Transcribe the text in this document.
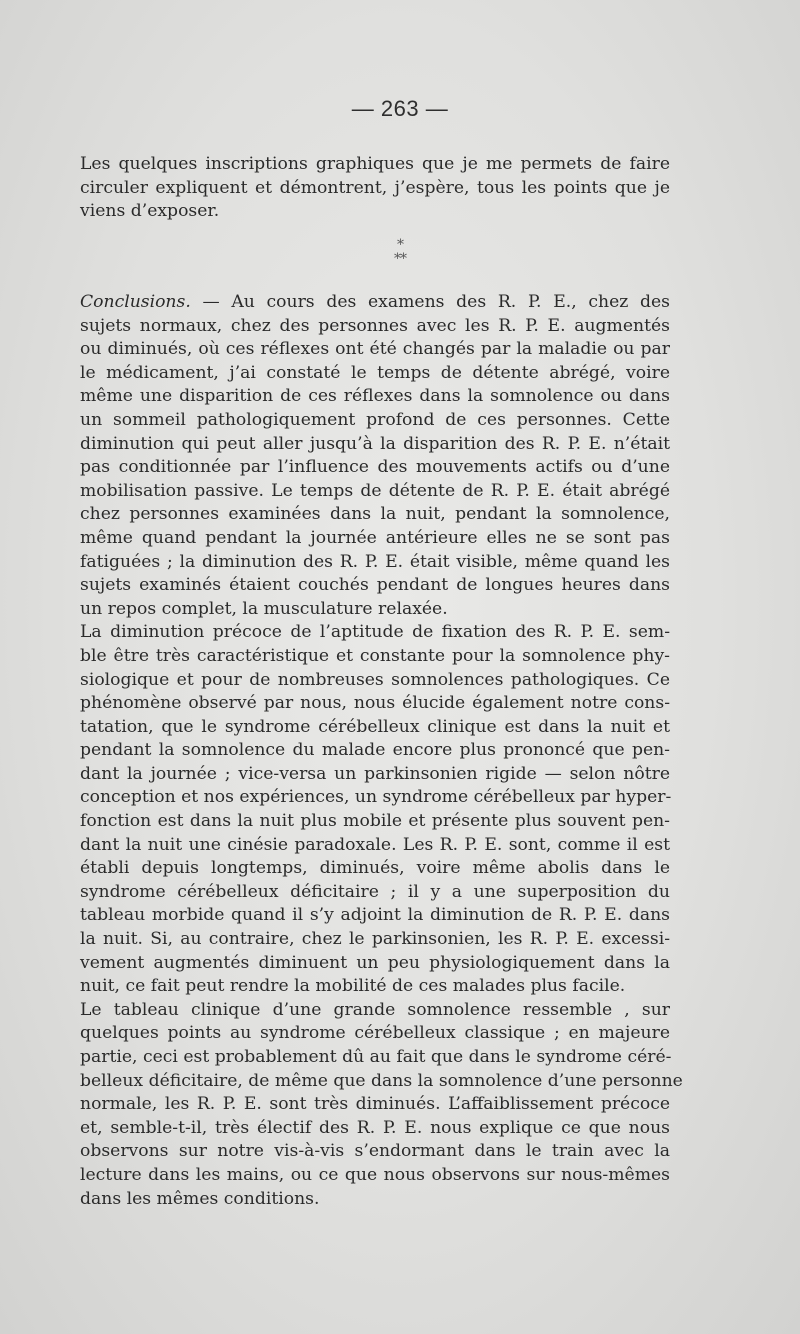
— 263 —
Les quelques inscriptions graphiques que je me permets de faire
circuler expliquent et démontrent, j’espère, tous les points que je
viens d’exposer.
*
**
Conclusions. — Au cours des examens des R. P. E., chez des
sujets normaux, chez des personnes avec les R. P. E. augmentés
ou diminués, où ces réflexes ont été changés par la maladie ou par
le médicament, j’ai constaté le temps de détente abrégé, voire
même une disparition de ces réflexes dans la somnolence ou dans
un sommeil pathologiquement profond de ces personnes. Cette
diminution qui peut aller jusqu’à la disparition des R. P. E. n’était
pas conditionnée par l’influence des mouvements actifs ou d’une
mobilisation passive. Le temps de détente de R. P. E. était abrégé
chez personnes examinées dans la nuit, pendant la somnolence,
même quand pendant la journée antérieure elles ne se sont pas
fatiguées ; la diminution des R. P. E. était visible, même quand les
sujets examinés étaient couchés pendant de longues heures dans
un repos complet, la musculature relaxée.
La diminution précoce de l’aptitude de fixation des R. P. E. sem-
ble être très caractéristique et constante pour la somnolence phy-
siologique et pour de nombreuses somnolences pathologiques. Ce
phénomène observé par nous, nous élucide également notre cons-
tatation, que le syndrome cérébelleux clinique est dans la nuit et
pendant la somnolence du malade encore plus prononcé que pen-
dant la journée ; vice-versa un parkinsonien rigide — selon nôtre
conception et nos expériences, un syndrome cérébelleux par hyper-
fonction est dans la nuit plus mobile et présente plus souvent pen-
dant la nuit une cinésie paradoxale. Les R. P. E. sont, comme il est
établi depuis longtemps, diminués, voire même abolis dans le
syndrome cérébelleux déficitaire ; il y a une superposition du
tableau morbide quand il s’y adjoint la diminution de R. P. E. dans
la nuit. Si, au contraire, chez le parkinsonien, les R. P. E. excessi-
vement augmentés diminuent un peu physiologiquement dans la
nuit, ce fait peut rendre la mobilité de ces malades plus facile.
Le tableau clinique d’une grande somnolence ressemble , sur
quelques points au syndrome cérébelleux classique ; en majeure
partie, ceci est probablement dû au fait que dans le syndrome céré-
belleux déficitaire, de même que dans la somnolence d’une personne
normale, les R. P. E. sont très diminués. L’affaiblissement précoce
et, semble-t-il, très électif des R. P. E. nous explique ce que nous
observons sur notre vis-à-vis s’endormant dans le train avec la
lecture dans les mains, ou ce que nous observons sur nous-mêmes
dans les mêmes conditions.
